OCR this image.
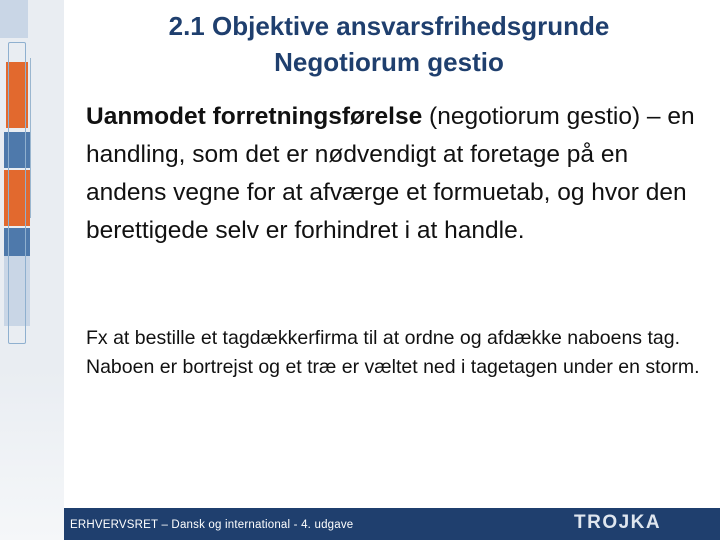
2.1 Objektive ansvarsfrihedsgrunde
Negotiorum gestio
Uanmodet forretningsførelse (negotiorum gestio) – en handling, som det er nødvendigt at foretage på en andens vegne for at afværge et formuetab, og hvor den berettigede selv er forhindret i at handle.
Fx at bestille et tagdækkerfirma til at ordne og afdække naboens tag. Naboen er bortrejst og et træ er væltet ned i tagetagen under en storm.
ERHVERVSRET – Dansk og international - 4. udgave	TROJKA
